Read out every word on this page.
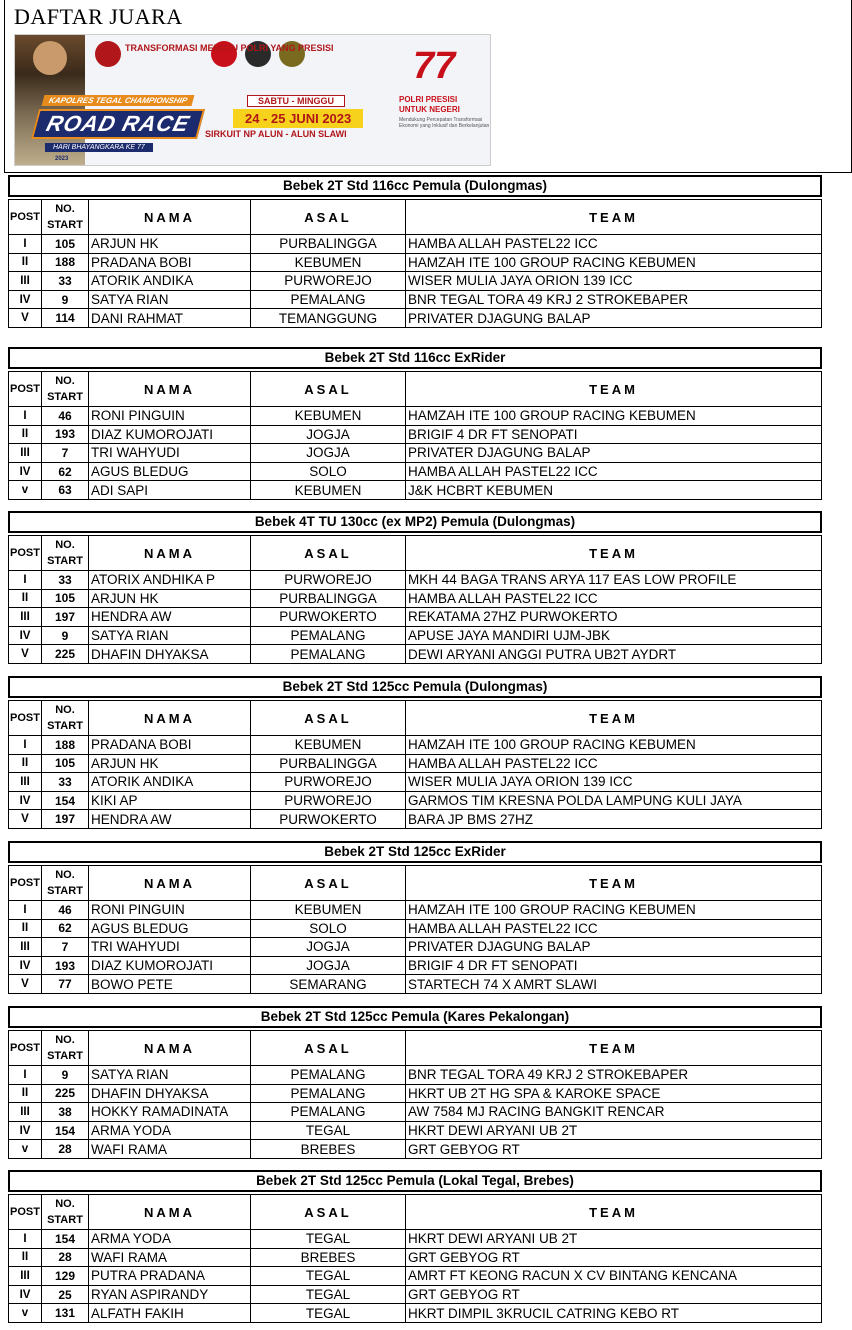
DAFTAR JUARA
TRANSFORMASI MENUJU POLRI YANG PRESISI
KAPOLRES TEGAL CHAMPIONSHIP
ROAD RACE
HARI BHAYANGKARA KE 77
2023
SABTU - MINGGU
24 - 25 JUNI 2023
SIRKUIT NP ALUN - ALUN SLAWI
77
POLRI PRESISI
UNTUK NEGERI
Mendukung Percepatan Transformasi Ekonomi yang Inklusif dan Berkelanjutan
Bebek 2T Std 116cc Pemula (Dulongmas)
POST	NO. START	NAMA	ASAL	TEAM	
I	105	ARJUN HK	PURBALINGGA	HAMBA ALLAH PASTEL22 ICC	
II	188	PRADANA BOBI	KEBUMEN	HAMZAH ITE 100 GROUP RACING KEBUMEN	
III	33	ATORIK ANDIKA	PURWOREJO	WISER MULIA JAYA ORION 139 ICC	
IV	9	SATYA RIAN	PEMALANG	BNR TEGAL TORA 49 KRJ 2 STROKEBAPER	
V	114	DANI RAHMAT	TEMANGGUNG	PRIVATER DJAGUNG BALAP	
Bebek 2T Std 116cc ExRider
POST	NO. START	NAMA	ASAL	TEAM	
I	46	RONI PINGUIN	KEBUMEN	HAMZAH ITE 100 GROUP RACING KEBUMEN	
II	193	DIAZ KUMOROJATI	JOGJA	BRIGIF 4 DR FT SENOPATI	
III	7	TRI WAHYUDI	JOGJA	PRIVATER DJAGUNG BALAP	
IV	62	AGUS BLEDUG	SOLO	HAMBA ALLAH PASTEL22 ICC	
v	63	ADI SAPI	KEBUMEN	J&K HCBRT KEBUMEN	
Bebek 4T TU 130cc (ex MP2) Pemula (Dulongmas)
POST	NO. START	NAMA	ASAL	TEAM	
I	33	ATORIX ANDHIKA P	PURWOREJO	MKH 44 BAGA TRANS ARYA 117 EAS LOW PROFILE	
II	105	ARJUN HK	PURBALINGGA	HAMBA ALLAH PASTEL22 ICC	
III	197	HENDRA AW	PURWOKERTO	REKATAMA 27HZ PURWOKERTO	
IV	9	SATYA RIAN	PEMALANG	APUSE JAYA MANDIRI UJM-JBK	
V	225	DHAFIN DHYAKSA	PEMALANG	DEWI ARYANI ANGGI PUTRA UB2T AYDRT	
Bebek 2T Std 125cc Pemula (Dulongmas)
POST	NO. START	NAMA	ASAL	TEAM	
I	188	PRADANA BOBI	KEBUMEN	HAMZAH ITE 100 GROUP RACING KEBUMEN	
II	105	ARJUN HK	PURBALINGGA	HAMBA ALLAH PASTEL22 ICC	
III	33	ATORIK ANDIKA	PURWOREJO	WISER MULIA JAYA ORION 139 ICC	
IV	154	KIKI AP	PURWOREJO	GARMOS TIM KRESNA POLDA LAMPUNG KULI JAYA	
V	197	HENDRA AW	PURWOKERTO	BARA JP BMS 27HZ	
Bebek 2T Std 125cc ExRider
POST	NO. START	NAMA	ASAL	TEAM	
I	46	RONI PINGUIN	KEBUMEN	HAMZAH ITE 100 GROUP RACING KEBUMEN	
II	62	AGUS BLEDUG	SOLO	HAMBA ALLAH PASTEL22 ICC	
III	7	TRI WAHYUDI	JOGJA	PRIVATER DJAGUNG BALAP	
IV	193	DIAZ KUMOROJATI	JOGJA	BRIGIF 4 DR FT SENOPATI	
V	77	BOWO PETE	SEMARANG	STARTECH 74 X AMRT SLAWI	
Bebek 2T Std 125cc Pemula (Kares Pekalongan)
POST	NO. START	NAMA	ASAL	TEAM	
I	9	SATYA RIAN	PEMALANG	BNR TEGAL TORA 49 KRJ 2 STROKEBAPER	
II	225	DHAFIN DHYAKSA	PEMALANG	HKRT UB 2T HG SPA & KAROKE SPACE	
III	38	HOKKY RAMADINATA	PEMALANG	AW 7584 MJ RACING BANGKIT RENCAR	
IV	154	ARMA YODA	TEGAL	HKRT DEWI ARYANI UB 2T	
v	28	WAFI RAMA	BREBES	GRT GEBYOG RT	
Bebek 2T Std 125cc Pemula (Lokal Tegal, Brebes)
POST	NO. START	NAMA	ASAL	TEAM	
I	154	ARMA YODA	TEGAL	HKRT DEWI ARYANI UB 2T	
II	28	WAFI RAMA	BREBES	GRT GEBYOG RT	
III	129	PUTRA PRADANA	TEGAL	AMRT FT KEONG RACUN X CV BINTANG KENCANA	
IV	25	RYAN ASPIRANDY	TEGAL	GRT GEBYOG RT	
v	131	ALFATH FAKIH	TEGAL	HKRT DIMPIL 3KRUCIL CATRING KEBO RT	
